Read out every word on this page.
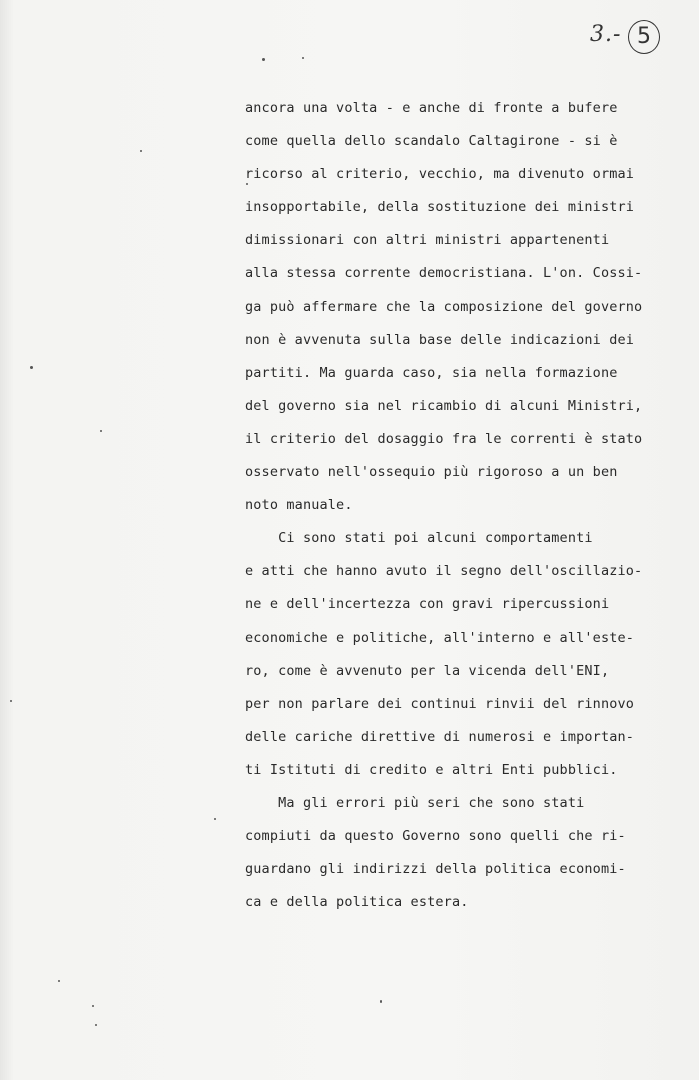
3.- 5
ancora una volta - e anche di fronte a bufere
come quella dello scandalo Caltagirone - si è
ricorso al criterio, vecchio, ma divenuto ormai
insopportabile, della sostituzione dei ministri
dimissionari con altri ministri appartenenti
alla stessa corrente democristiana. L'on. Cossi-
ga può affermare che la composizione del governo
non è avvenuta sulla base delle indicazioni dei
partiti. Ma guarda caso, sia nella formazione
del governo sia nel ricambio di alcuni Ministri,
il criterio del dosaggio fra le correnti è stato
osservato nell'ossequio più rigoroso a un ben
noto manuale.
Ci sono stati poi alcuni comportamenti
e atti che hanno avuto il segno dell'oscillazio-
ne e dell'incertezza con gravi ripercussioni
economiche e politiche, all'interno e all'este-
ro, come è avvenuto per la vicenda dell'ENI,
per non parlare dei continui rinvii del rinnovo
delle cariche direttive di numerosi e importan-
ti Istituti di credito e altri Enti pubblici.
Ma gli errori più seri che sono stati
compiuti da questo Governo sono quelli che ri-
guardano gli indirizzi della politica economi-
ca e della politica estera.
